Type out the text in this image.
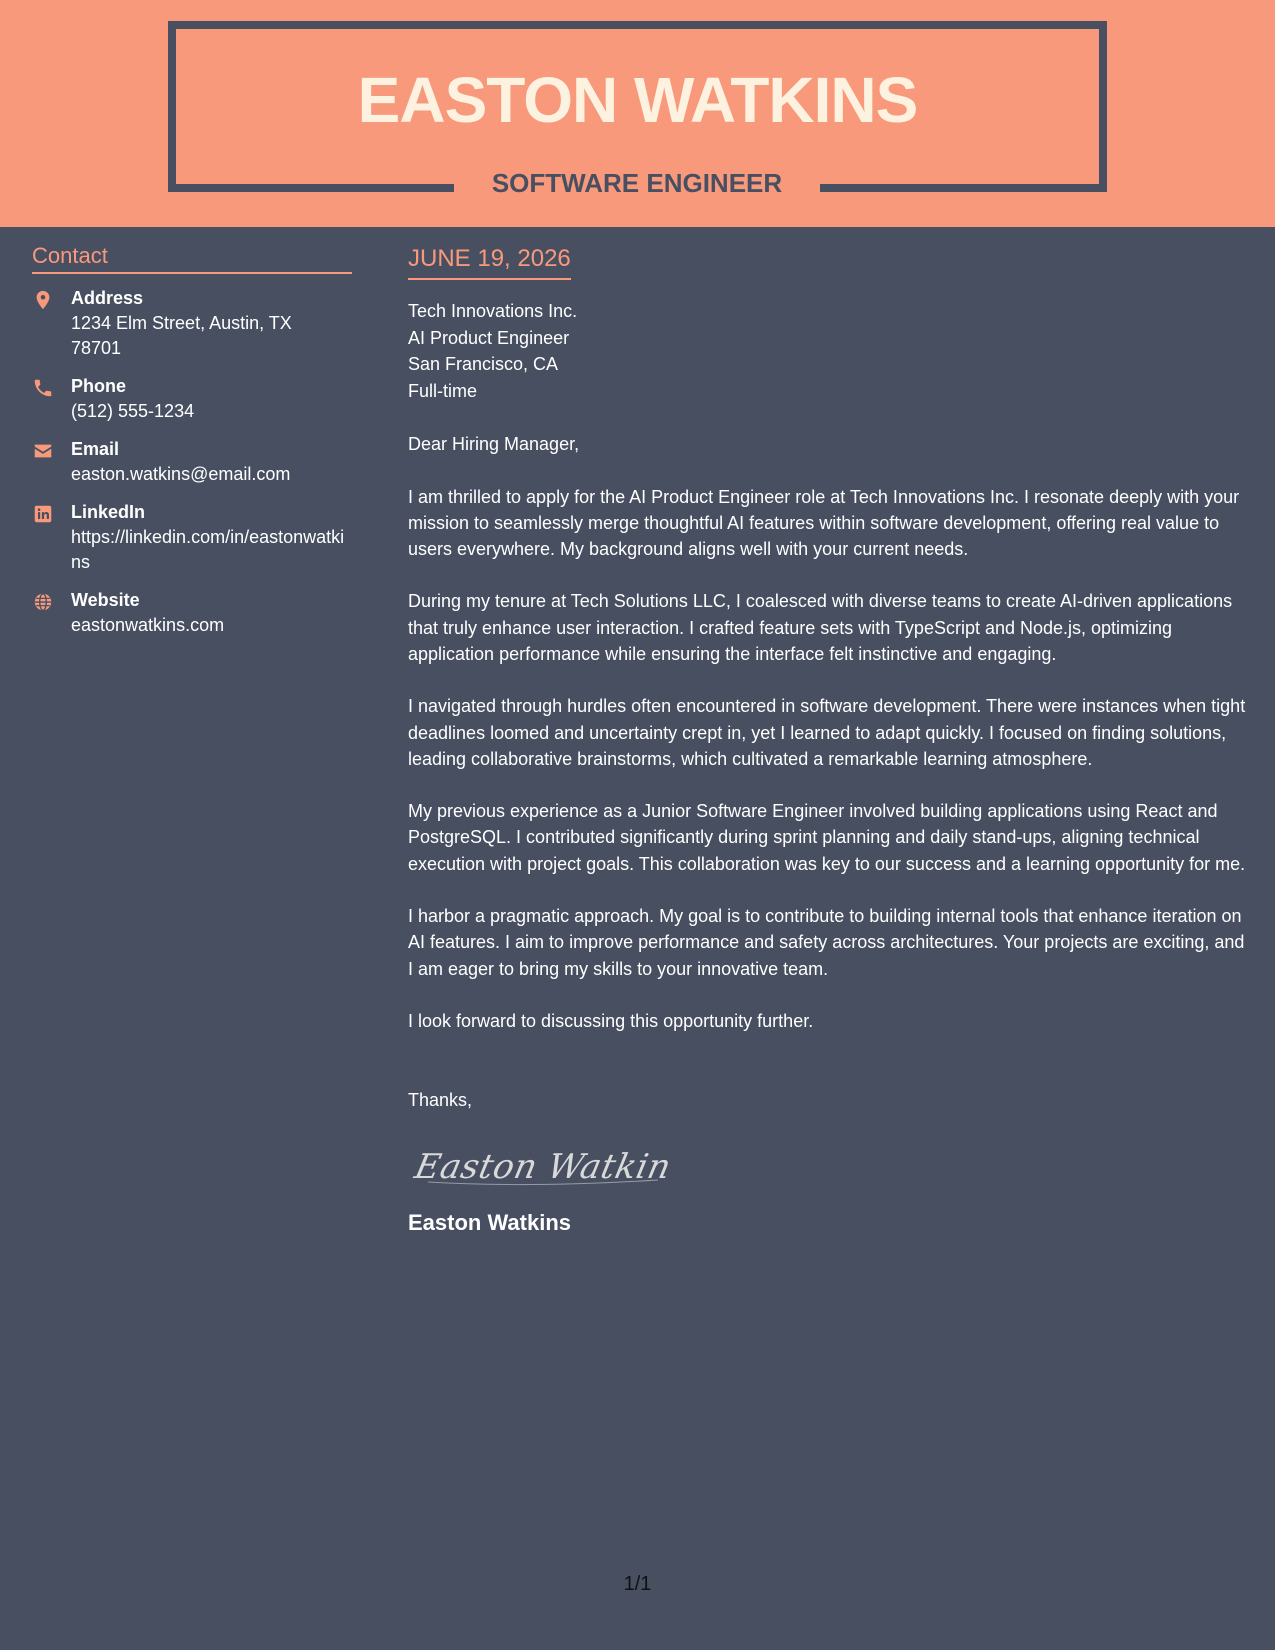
EASTON WATKINS
SOFTWARE ENGINEER
Contact
Address
1234 Elm Street, Austin, TX 78701
Phone
(512) 555-1234
Email
easton.watkins@email.com
LinkedIn
https://linkedin.com/in/eastonwatkins
Website
eastonwatkins.com
JUNE 19, 2026
Tech Innovations Inc.
AI Product Engineer
San Francisco, CA
Full-time
Dear Hiring Manager,
I am thrilled to apply for the AI Product Engineer role at Tech Innovations Inc. I resonate deeply with your mission to seamlessly merge thoughtful AI features within software development, offering real value to users everywhere. My background aligns well with your current needs.
During my tenure at Tech Solutions LLC, I coalesced with diverse teams to create AI-driven applications that truly enhance user interaction. I crafted feature sets with TypeScript and Node.js, optimizing application performance while ensuring the interface felt instinctive and engaging.
I navigated through hurdles often encountered in software development. There were instances when tight deadlines loomed and uncertainty crept in, yet I learned to adapt quickly. I focused on finding solutions, leading collaborative brainstorms, which cultivated a remarkable learning atmosphere.
My previous experience as a Junior Software Engineer involved building applications using React and PostgreSQL. I contributed significantly during sprint planning and daily stand-ups, aligning technical execution with project goals. This collaboration was key to our success and a learning opportunity for me.
I harbor a pragmatic approach. My goal is to contribute to building internal tools that enhance iteration on AI features. I aim to improve performance and safety across architectures. Your projects are exciting, and I am eager to bring my skills to your innovative team.
I look forward to discussing this opportunity further.
Thanks,
Easton Watkins
Easton Watkins
1/1
